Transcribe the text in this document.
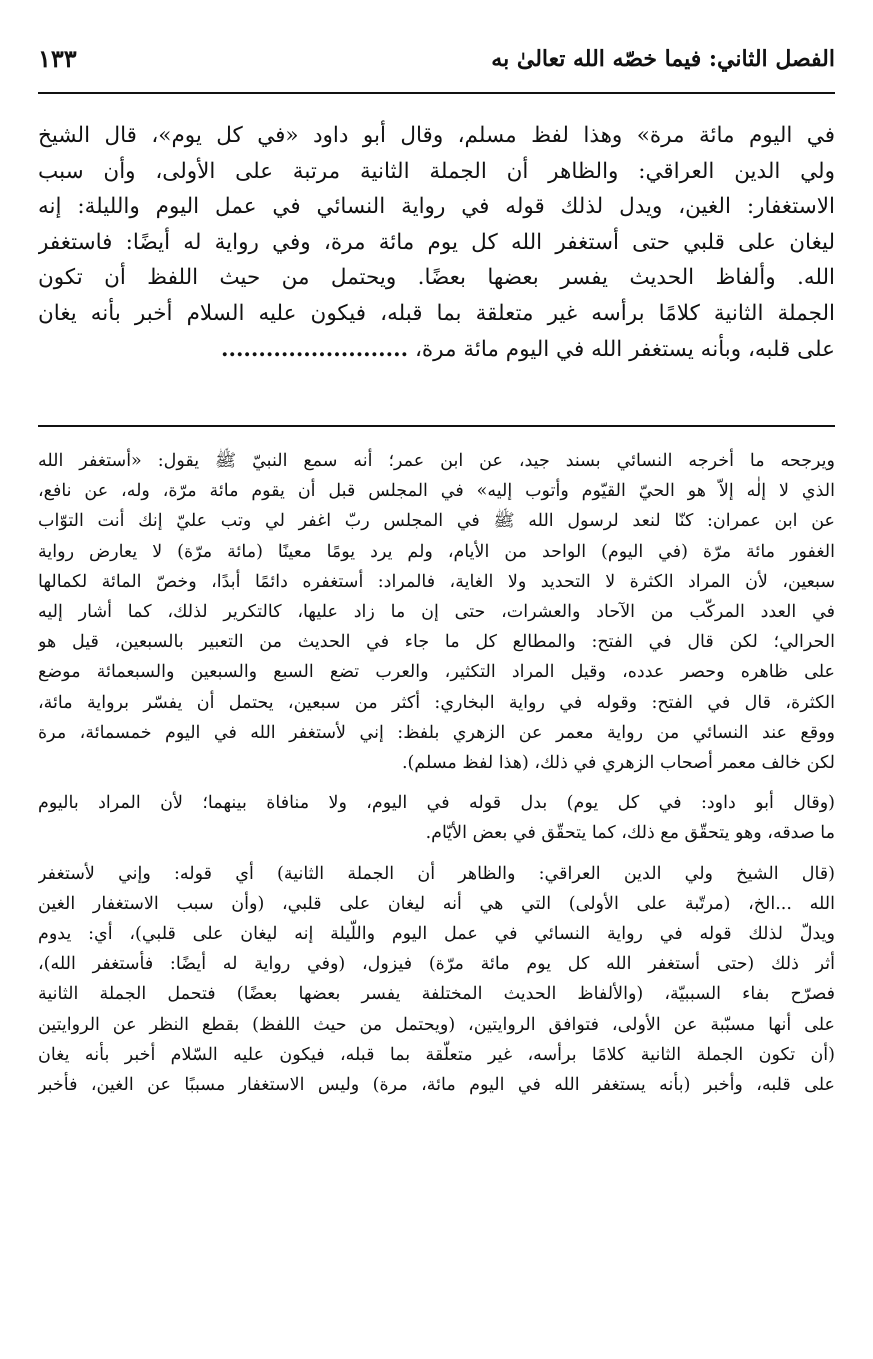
الفصل الثاني: فيما خصّه الله تعالىٰ به
١٣٣
في اليوم مائة مرة» وهذا لفظ مسلم، وقال أبو داود «في كل يوم»، قال الشيخ
ولي الدين العراقي: والظاهر أن الجملة الثانية مرتبة على الأولى، وأن سبب
الاستغفار: الغين، ويدل لذلك قوله في رواية النسائي في عمل اليوم والليلة: إنه
ليغان على قلبي حتى أستغفر الله كل يوم مائة مرة، وفي رواية له أيضًا: فاستغفر
الله. وألفاظ الحديث يفسر بعضها بعضًا. ويحتمل من حيث اللفظ أن تكون
الجملة الثانية كلامًا برأسه غير متعلقة بما قبله، فيكون عليه السلام أخبر بأنه يغان
على قلبه، وبأنه يستغفر الله في اليوم مائة مرة، .........................
ويرجحه ما أخرجه النسائي بسند جيد، عن ابن عمر؛ أنه سمع النبيّ ﷺ يقول: «أستغفر الله
الذي لا إلٰه إلاّ هو الحيّ القيّوم وأتوب إليه» في المجلس قبل أن يقوم مائة مرّة، وله، عن نافع،
عن ابن عمران: كنّا لنعد لرسول الله ﷺ في المجلس ربّ اغفر لي وتب عليّ إنك أنت التوّاب
الغفور مائة مرّة (في اليوم) الواحد من الأيام، ولم يرد يومًا معينًا (مائة مرّة) لا يعارض رواية
سبعين، لأن المراد الكثرة لا التحديد ولا الغاية، فالمراد: أستغفره دائمًا أبدًا، وخصّ المائة لكمالها
في العدد المركّب من الآحاد والعشرات، حتى إن ما زاد عليها، كالتكرير لذلك، كما أشار إليه
الحرالي؛ لكن قال في الفتح: والمطالع كل ما جاء في الحديث من التعبير بالسبعين، قيل هو
على ظاهره وحصر عدده، وقيل المراد التكثير، والعرب تضع السبع والسبعين والسبعمائة موضع
الكثرة، قال في الفتح: وقوله في رواية البخاري: أكثر من سبعين، يحتمل أن يفسّر برواية مائة،
ووقع عند النسائي من رواية معمر عن الزهري بلفظ: إني لأستغفر الله في اليوم خمسمائة، مرة
لكن خالف معمر أصحاب الزهري في ذلك، (هذا لفظ مسلم).
(وقال أبو داود: في كل يوم) بدل قوله في اليوم، ولا منافاة بينهما؛ لأن المراد باليوم
ما صدقه، وهو يتحقّق مع ذلك، كما يتحقّق في بعض الأيّام.
(قال الشيخ ولي الدين العراقي: والظاهر أن الجملة الثانية) أي قوله: وإني لأستغفر
الله ...الخ، (مرتّبة على الأولى) التي هي أنه ليغان على قلبي، (وأن سبب الاستغفار الغين
ويدلّ لذلك قوله في رواية النسائي في عمل اليوم واللّيلة إنه ليغان على قلبي)، أي: يدوم
أثر ذلك (حتى أستغفر الله كل يوم مائة مرّة) فيزول، (وفي رواية له أيضًا: فأستغفر الله)،
فصرّح بفاء السببيّة، (والألفاظ الحديث المختلفة يفسر بعضها بعضًا) فتحمل الجملة الثانية
على أنها مسبّبة عن الأولى، فتوافق الروايتين، (ويحتمل من حيث اللفظ) بقطع النظر عن الروايتين
(أن تكون الجملة الثانية كلامًا برأسه، غير متعلّقة بما قبله، فيكون عليه السّلام أخبر بأنه يغان
على قلبه، وأخبر (بأنه يستغفر الله في اليوم مائة، مرة) وليس الاستغفار مسببًا عن الغين، فأخبر
